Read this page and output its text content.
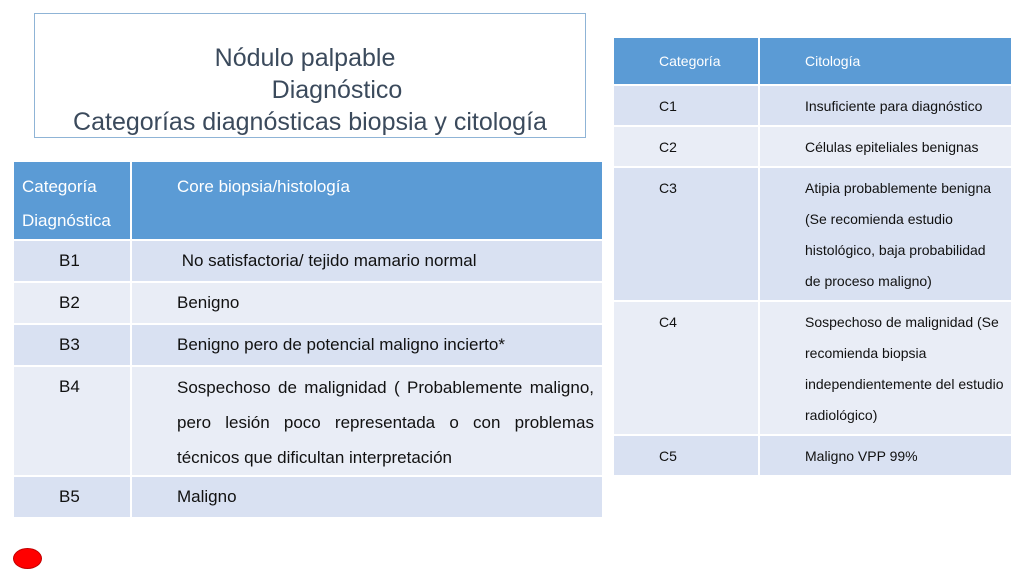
Nódulo palpable
Diagnóstico
Categorías diagnósticas biopsia y citología
Categoría Diagnóstica	Core biopsia/histología
B1	No satisfactoria/ tejido mamario normal
B2	Benigno
B3	Benigno pero de potencial maligno incierto*
B4	Sospechoso de malignidad ( Probablemente maligno, pero lesión poco representada o con problemas técnicos que dificultan interpretación
B5	Maligno
Categoría	Citología
C1	Insuficiente para diagnóstico
C2	Células epiteliales benignas
C3	Atipia probablemente benigna (Se recomienda estudio histológico, baja probabilidad de proceso maligno)
C4	Sospechoso de malignidad (Se recomienda biopsia independientemente del estudio radiológico)
C5	Maligno VPP 99%
